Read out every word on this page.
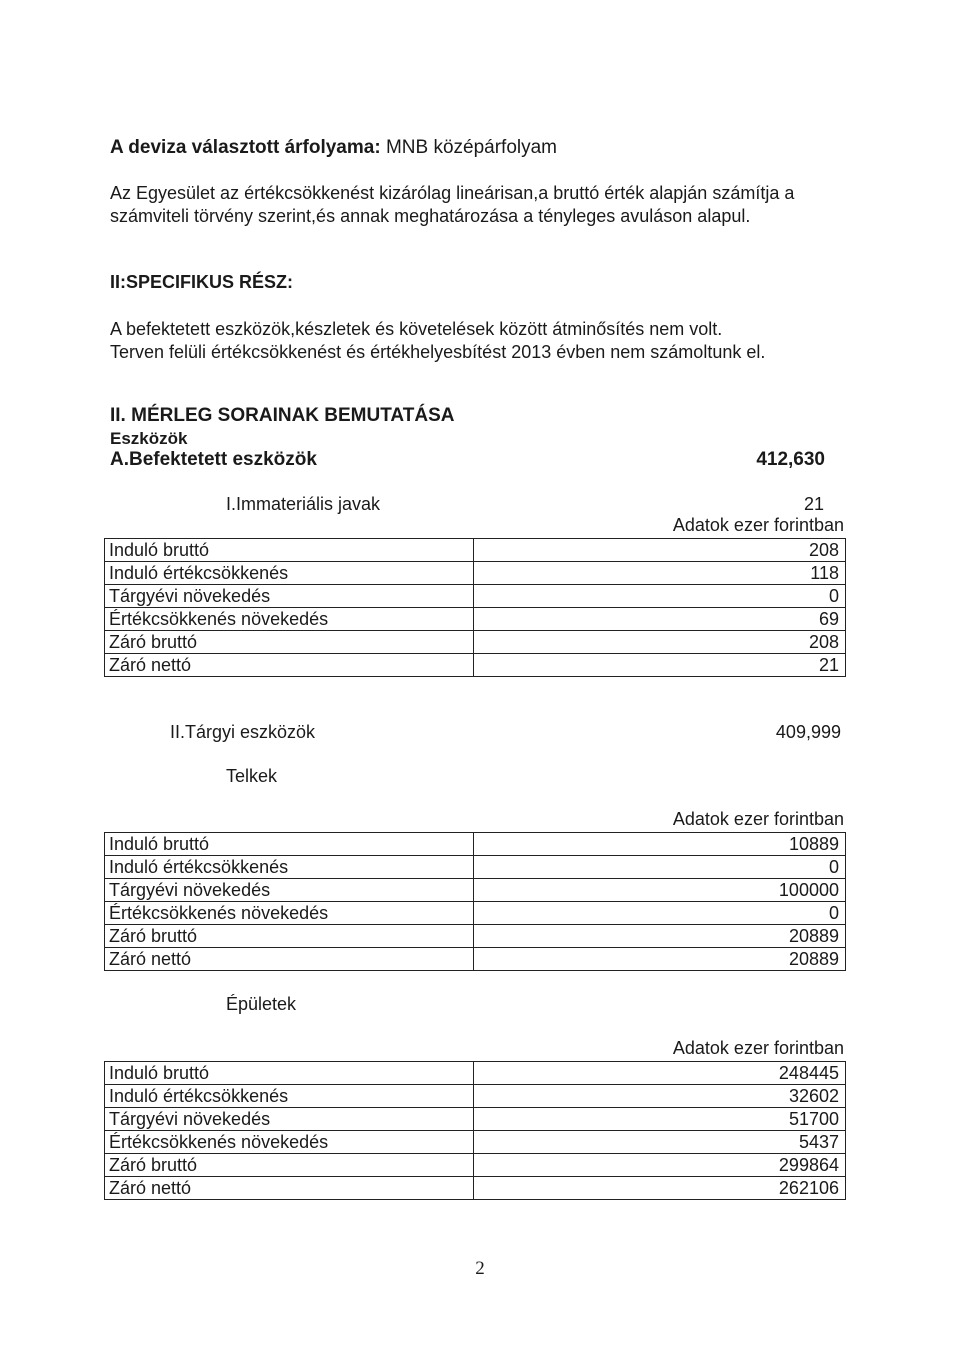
A deviza választott árfolyama: MNB középárfolyam
Az Egyesület az értékcsökkenést kizárólag lineárisan,a bruttó érték alapján számítja a számviteli törvény szerint,és annak meghatározása a tényleges avuláson alapul.
II:SPECIFIKUS RÉSZ:
A befektetett eszközök,készletek és követelések között átminősítés nem volt.
Terven felüli értékcsökkenést és értékhelyesbítést 2013 évben nem számoltunk el.
II. MÉRLEG SORAINAK BEMUTATÁSA
Eszközök
A.Befektetett eszközök	412,630
I.Immateriális javak	21
Adatok ezer forintban
Induló bruttó	208
Induló értékcsökkenés	118
Tárgyévi növekedés	0
Értékcsökkenés növekedés	69
Záró bruttó	208
Záró nettó	21
II.Tárgyi eszközök	409,999
Telkek
Adatok ezer forintban
Induló bruttó	10889
Induló értékcsökkenés	0
Tárgyévi növekedés	100000
Értékcsökkenés növekedés	0
Záró bruttó	20889
Záró nettó	20889
Épületek
Adatok ezer forintban
Induló bruttó	248445
Induló értékcsökkenés	32602
Tárgyévi növekedés	51700
Értékcsökkenés növekedés	5437
Záró bruttó	299864
Záró nettó	262106
2
